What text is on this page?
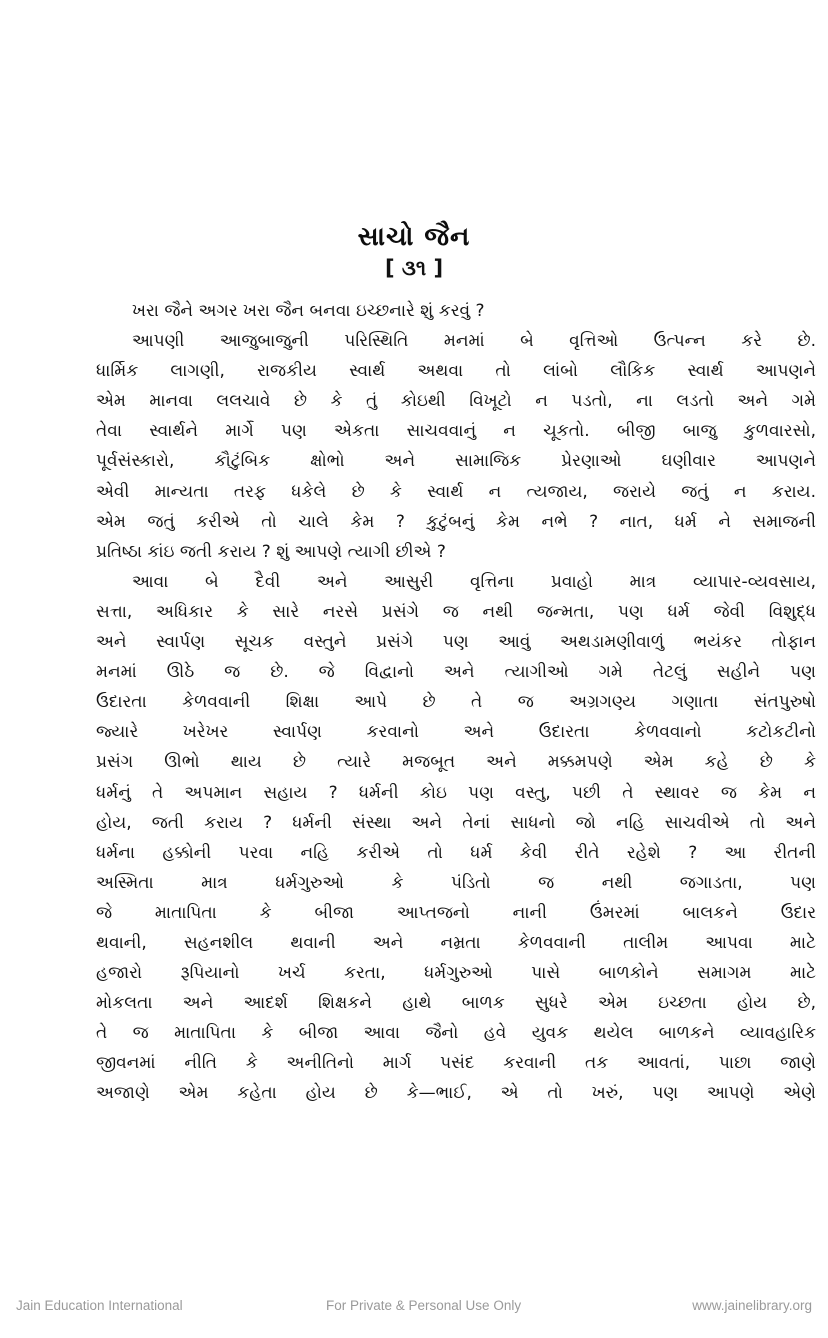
સાચો જૈન
[ ૩૧ ]
ખરા જૈને અગર ખરા જૈન બનવા ઇચ્છનારે શું કરવું ?
આપણી આજુબાજુની પરિસ્થિતિ મનમાં બે વૃત્તિઓ ઉત્પન્ન કરે છે.
ધાર્મિક લાગણી, રાજકીય સ્વાર્થ અથવા તો લાંબો લૌકિક સ્વાર્થ આપણને
એમ માનવા લલચાવે છે કે તું કોઇથી વિખૂટો ન પડતો, ના લડતો અને ગમે
તેવા સ્વાર્થને માર્ગે પણ એકતા સાચવવાનું ન ચૂકતો. બીજી બાજુ કુળવારસો,
પૂર્વસંસ્કારો, કૌટુંબિક ક્ષોભો અને સામાજિક પ્રેરણાઓ ઘણીવાર આપણને
એવી માન્યતા તરફ ધકેલે છે કે સ્વાર્થ ન ત્યજાય, જરાયે જતું ન કરાય.
એમ જતું કરીએ તો ચાલે કેમ ? કુટુંબનું કેમ નભે ? નાત, ધર્મ ને સમાજની
પ્રતિષ્ઠા કાંઇ જતી કરાય ? શું આપણે ત્યાગી છીએ ?
આવા બે દૈવી અને આસુરી વૃત્તિના પ્રવાહો માત્ર વ્યાપાર-વ્યવસાય,
સત્તા, અધિકાર કે સારે નરસે પ્રસંગે જ નથી જન્મતા, પણ ધર્મ જેવી વિશુદ્ધ
અને સ્વાર્પણ સૂચક વસ્તુને પ્રસંગે પણ આવું અથડામણીવાળું ભયંકર તોફાન
મનમાં ઊઠે જ છે. જે વિદ્વાનો અને ત્યાગીઓ ગમે તેટલું સહીને પણ
ઉદારતા કેળવવાની શિક્ષા આપે છે તે જ અગ્રગણ્ય ગણાતા સંતપુરુષો
જ્યારે ખરેખર સ્વાર્પણ કરવાનો અને ઉદારતા કેળવવાનો કટોકટીનો
પ્રસંગ ઊભો થાય છે ત્યારે મજબૂત અને મક્કમપણે એમ કહે છે કે
ધર્મનું તે અપમાન સહાય ? ધર્મની કોઇ પણ વસ્તુ, પછી તે સ્થાવર જ કેમ ન
હોય, જતી કરાય ? ધર્મની સંસ્થા અને તેનાં સાધનો જો નહિ સાચવીએ તો અને
ધર્મના હક્કોની પરવા નહિ કરીએ તો ધર્મ કેવી રીતે રહેશે ? આ રીતની
અસ્મિતા માત્ર ધર્મગુરુઓ કે પંડિતો જ નથી જગાડતા, પણ
જે માતાપિતા કે બીજા આપ્તજનો નાની ઉંમરમાં બાલકને ઉદાર
થવાની, સહનશીલ થવાની અને નમ્રતા કેળવવાની તાલીમ આપવા માટે
હજારો રૂપિયાનો ખર્ચ કરતા, ધર્મગુરુઓ પાસે બાળકોને સમાગમ માટે
મોકલતા અને આદર્શ શિક્ષકને હાથે બાળક સુધરે એમ ઇચ્છતા હોય છે,
તે જ માતાપિતા કે બીજા આવા જૈનો હવે યુવક થયેલ બાળકને વ્યાવહારિક
જીવનમાં નીતિ કે અનીતિનો માર્ગ પસંદ કરવાની તક આવતાં, પાછા જાણે
અજાણે એમ કહેતા હોય છે કે—ભાઈ, એ તો ખરું, પણ આપણે એણે
Jain Education International	For Private & Personal Use Only	www.jainelibrary.org
